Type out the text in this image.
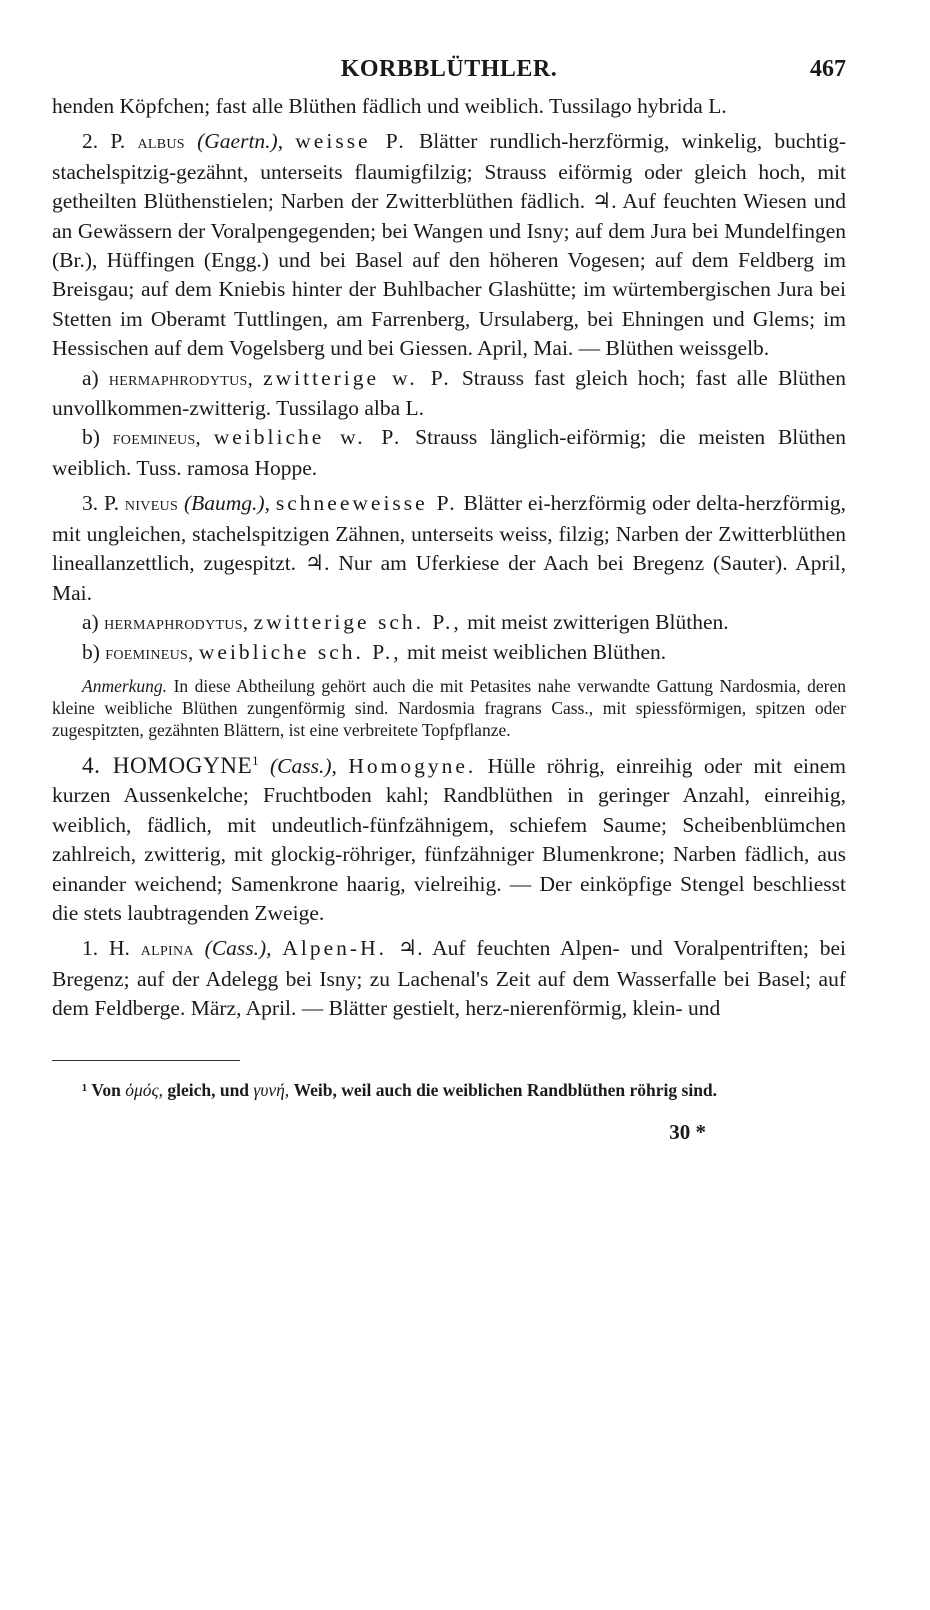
KORBBLÜTHLER.	467

henden Köpfchen; fast alle Blüthen fädlich und weiblich. Tussilago hybrida L.

2. P. albus (Gaertn.), weisse P. Blätter rundlich-herzförmig, winkelig, buchtig-stachelspitzig-gezähnt, unterseits flaumigfilzig; Strauss eiförmig oder gleich hoch, mit getheilten Blüthenstielen; Narben der Zwitterblüthen fädlich. ♃. Auf feuchten Wiesen und an Gewässern der Voralpengegenden; bei Wangen und Isny; auf dem Jura bei Mundelfingen (Br.), Hüffingen (Engg.) und bei Basel auf den höheren Vogesen; auf dem Feldberg im Breisgau; auf dem Kniebis hinter der Buhlbacher Glashütte; im würtembergischen Jura bei Stetten im Oberamt Tuttlingen, am Farrenberg, Ursulaberg, bei Ehningen und Glems; im Hessischen auf dem Vogelsberg und bei Giessen. April, Mai. — Blüthen weissgelb.

a) hermaphrodytus, zwitterige w. P. Strauss fast gleich hoch; fast alle Blüthen unvollkommen-zwitterig. Tussilago alba L.

b) foemineus, weibliche w. P. Strauss länglich-eiförmig; die meisten Blüthen weiblich. Tuss. ramosa Hoppe.

3. P. niveus (Baumg.), schneeweisse P. Blätter ei-herzförmig oder delta-herzförmig, mit ungleichen, stachelspitzigen Zähnen, unterseits weiss, filzig; Narben der Zwitterblüthen lineallanzettlich, zugespitzt. ♃. Nur am Uferkiese der Aach bei Bregenz (Sauter). April, Mai.

a) hermaphrodytus, zwitterige sch. P., mit meist zwitterigen Blüthen.

b) foemineus, weibliche sch. P., mit meist weiblichen Blüthen.

Anmerkung. In diese Abtheilung gehört auch die mit Petasites nahe verwandte Gattung Nardosmia, deren kleine weibliche Blüthen zungenförmig sind. Nardosmia fragrans Cass., mit spiessförmigen, spitzen oder zugespitzten, gezähnten Blättern, ist eine verbreitete Topfpflanze.

4. HOMOGYNE$^1$ (Cass.), Homogyne. Hülle röhrig, einreihig oder mit einem kurzen Aussenkelche; Fruchtboden kahl; Randblüthen in geringer Anzahl, einreihig, weiblich, fädlich, mit undeutlich-fünfzähnigem, schiefem Saume; Scheibenblümchen zahlreich, zwitterig, mit glockig-röhriger, fünfzähniger Blumenkrone; Narben fädlich, aus einander weichend; Samenkrone haarig, vielreihig. — Der einköpfige Stengel beschliesst die stets laubtragenden Zweige.

1. H. alpina (Cass.), Alpen-H. ♃. Auf feuchten Alpen- und Voralpentriften; bei Bregenz; auf der Adelegg bei Isny; zu Lachenal's Zeit auf dem Wasserfalle bei Basel; auf dem Feldberge. März, April. — Blätter gestielt, herz-nierenförmig, klein- und

¹ Von ὁμός, gleich, und γυνή, Weib, weil auch die weiblichen Randblüthen röhrig sind.

30 *
